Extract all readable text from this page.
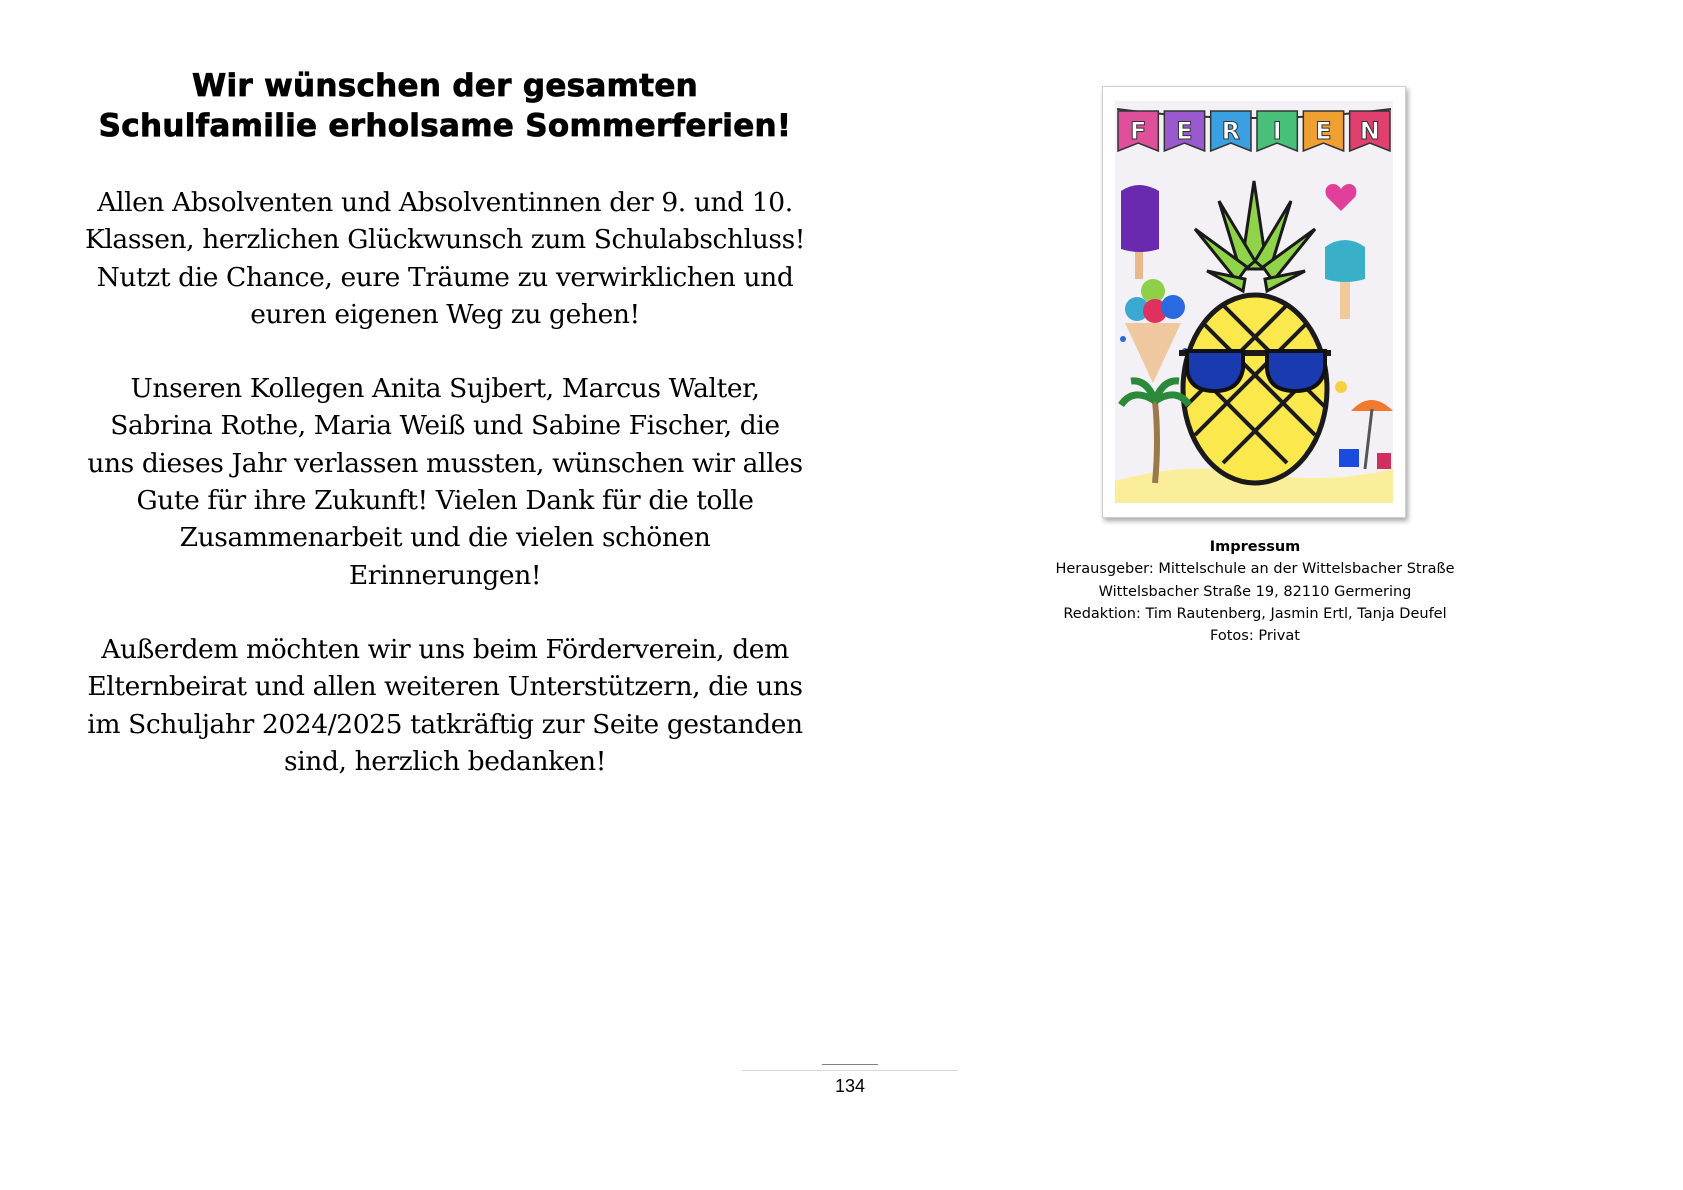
Wir wünschen der gesamten
Schulfamilie erholsame Sommerferien!

Allen Absolventen und Absolventinnen der 9. und 10.
Klassen, herzlichen Glückwunsch zum Schulabschluss!
Nutzt die Chance, eure Träume zu verwirklichen und
euren eigenen Weg zu gehen!

Unseren Kollegen Anita Sujbert, Marcus Walter,
Sabrina Rothe, Maria Weiß und Sabine Fischer, die
uns dieses Jahr verlassen mussten, wünschen wir alles
Gute für ihre Zukunft! Vielen Dank für die tolle
Zusammenarbeit und die vielen schönen
Erinnerungen!

Außerdem möchten wir uns beim Förderverein, dem
Elternbeirat und allen weiteren Unterstützern, die uns
im Schuljahr 2024/2025 tatkräftig zur Seite gestanden
sind, herzlich bedanken!

F E R I E N
Impressum
Herausgeber: Mittelschule an der Wittelsbacher Straße
Wittelsbacher Straße 19, 82110 Germering
Redaktion: Tim Rautenberg, Jasmin Ertl, Tanja Deufel
Fotos: Privat
134
